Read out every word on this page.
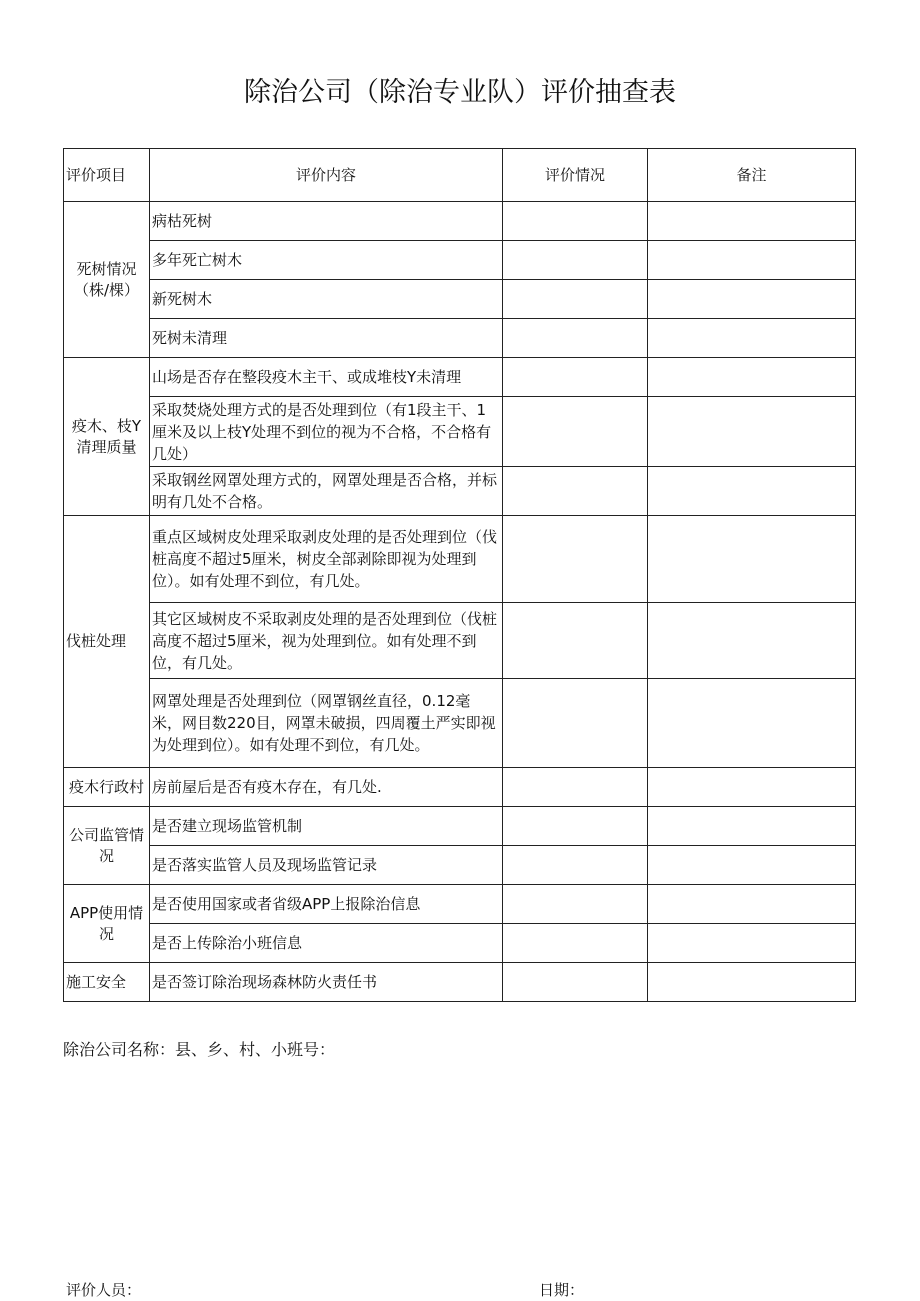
除治公司（除治专业队）评价抽查表
评价项目	评价内容	评价情况	备注
死树情况（株/棵）	病枯死树		
	多年死亡树木		
	新死树木		
	死树未清理		
疫木、枝Y清理质量	山场是否存在整段疫木主干、或成堆枝Y未清理		
	采取焚烧处理方式的是否处理到位（有1段主干、1厘米及以上枝Y处理不到位的视为不合格，不合格有几处）		
	采取钢丝网罩处理方式的，网罩处理是否合格，并标明有几处不合格。		
伐桩处理	重点区域树皮处理采取剥皮处理的是否处理到位（伐桩高度不超过5厘米，树皮全部剥除即视为处理到位）。如有处理不到位，有几处。		
	其它区域树皮不采取剥皮处理的是否处理到位（伐桩高度不超过5厘米，视为处理到位。如有处理不到位，有几处。		
	网罩处理是否处理到位（网罩钢丝直径，0.12毫米，网目数220目，网罩未破损，四周覆土严实即视为处理到位）。如有处理不到位，有几处。		
疫木行政村	房前屋后是否有疫木存在，有几处.		
公司监管情况	是否建立现场监管机制		
	是否落实监管人员及现场监管记录		
APP使用情况	是否使用国家或者省级APP上报除治信息		
	是否上传除治小班信息		
施工安全	是否签订除治现场森林防火责任书		
除治公司名称：县、乡、村、小班号：
评价人员：	日期：
